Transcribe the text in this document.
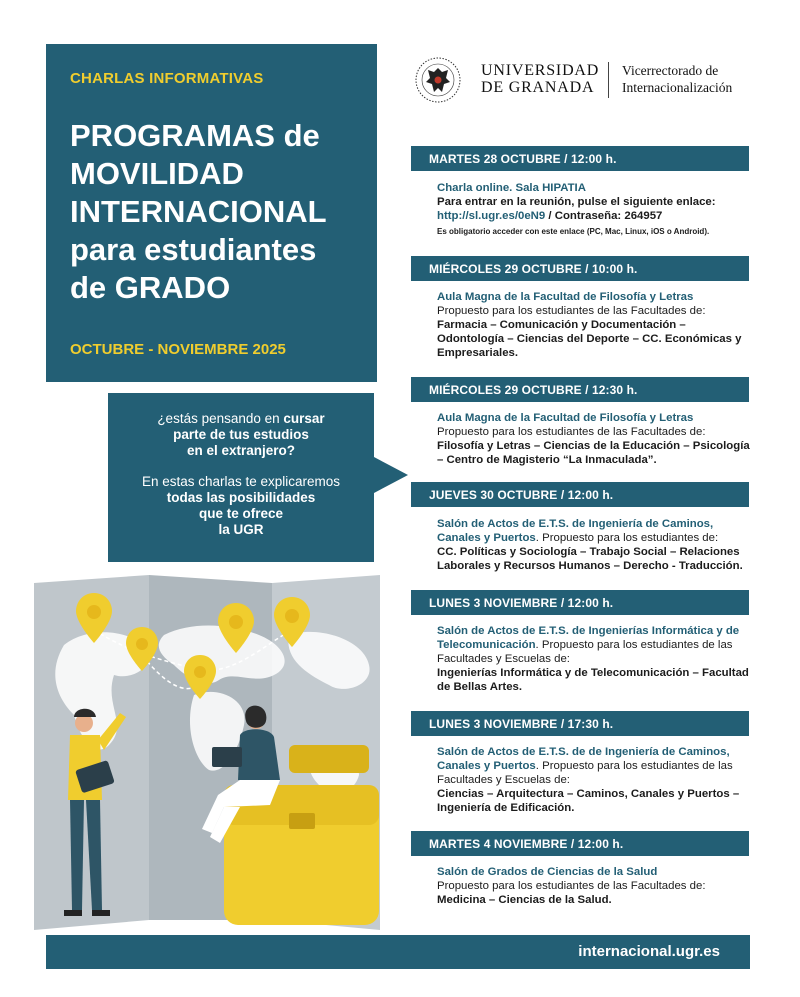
CHARLAS INFORMATIVAS
PROGRAMAS de
MOVILIDAD
INTERNACIONAL
para estudiantes
de GRADO
OCTUBRE - NOVIEMBRE 2025
UNIVERSIDAD
DE GRANADA
Vicerrectorado de
Internacionalización

¿estás pensando en cursar
parte de tus estudios
en el extranjero?

En estas charlas te explicaremos
todas las posibilidades
que te ofrece
la UGR

MARTES 28 OCTUBRE / 12:00 h.
Charla online. Sala HIPATIA

Para entrar en la reunión, pulse el siguiente enlace:
http://sl.ugr.es/0eN9 / Contraseña: 264957
Es obligatorio acceder con este enlace (PC, Mac, Linux, iOS o Android).
MIÉRCOLES 29 OCTUBRE / 10:00 h.
Aula Magna de la Facultad de Filosofía y Letras
Propuesto para los estudiantes de las Facultades de:
Farmacia – Comunicación y Documentación – Odontología – Ciencias del Deporte – CC. Económicas y Empresariales.
MIÉRCOLES 29 OCTUBRE / 12:30 h.
Aula Magna de la Facultad de Filosofía y Letras
Propuesto para los estudiantes de las Facultades de:
Filosofía y Letras – Ciencias de la Educación – Psicología – Centro de Magisterio “La Inmaculada”.
JUEVES 30 OCTUBRE / 12:00 h.
Salón de Actos de E.T.S. de Ingeniería de Caminos, Canales y Puertos. Propuesto para los estudiantes de:
CC. Políticas y Sociología – Trabajo Social – Relaciones Laborales y Recursos Humanos – Derecho - Traducción.
LUNES 3 NOVIEMBRE / 12:00 h.
Salón de Actos de E.T.S. de Ingenierías Informática y de Telecomunicación. Propuesto para los estudiantes de las Facultades y Escuelas de:
Ingenierías Informática y de Telecomunicación – Facultad de Bellas Artes.
LUNES 3 NOVIEMBRE / 17:30 h.
Salón de Actos de E.T.S. de de Ingeniería de Caminos, Canales y Puertos. Propuesto para los estudiantes de las Facultades y Escuelas de:
Ciencias – Arquitectura – Caminos, Canales y Puertos – Ingeniería de Edificación.
MARTES 4 NOVIEMBRE / 12:00 h.
Salón de Grados de Ciencias de la Salud
Propuesto para los estudiantes de las Facultades de:
Medicina – Ciencias de la Salud.
internacional.ugr.es
